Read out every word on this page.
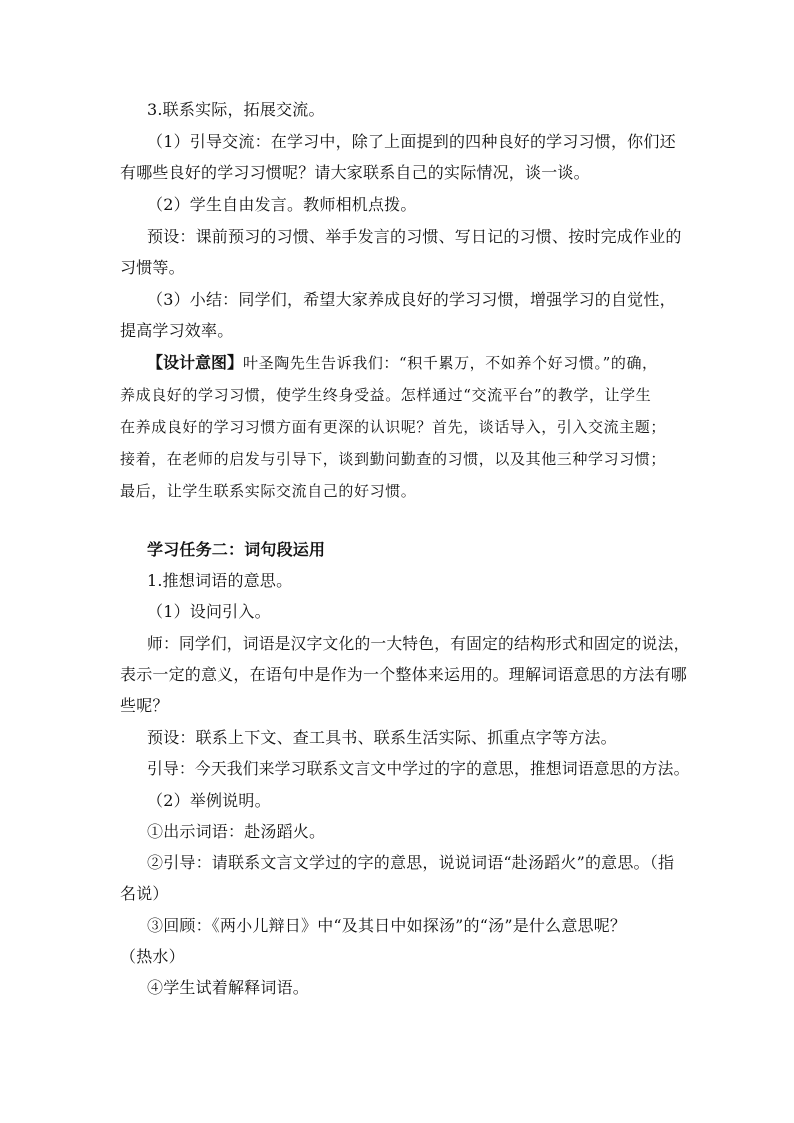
3.联系实际，拓展交流。
（1）引导交流：在学习中，除了上面提到的四种良好的学习习惯，你们还
有哪些良好的学习习惯呢？请大家联系自己的实际情况，谈一谈。
（2）学生自由发言。教师相机点拨。
预设：课前预习的习惯、举手发言的习惯、写日记的习惯、按时完成作业的
习惯等。
（3）小结：同学们，希望大家养成良好的学习习惯，增强学习的自觉性，
提高学习效率。
【设计意图】叶圣陶先生告诉我们：“积千累万，不如养个好习惯。”的确，
养成良好的学习习惯，使学生终身受益。怎样通过“交流平台”的教学，让学生
在养成良好的学习习惯方面有更深的认识呢？首先，谈话导入，引入交流主题；
接着，在老师的启发与引导下，谈到勤问勤查的习惯，以及其他三种学习习惯；
最后，让学生联系实际交流自己的好习惯。
学习任务二：词句段运用
1.推想词语的意思。
（1）设问引入。
师：同学们，词语是汉字文化的一大特色，有固定的结构形式和固定的说法，
表示一定的意义，在语句中是作为一个整体来运用的。理解词语意思的方法有哪
些呢？
预设：联系上下文、查工具书、联系生活实际、抓重点字等方法。
引导：今天我们来学习联系文言文中学过的字的意思，推想词语意思的方法。
（2）举例说明。
①出示词语：赴汤蹈火。
②引导：请联系文言文学过的字的意思，说说词语“赴汤蹈火”的意思。（指
名说）
③回顾：《两小儿辩日》中“及其日中如探汤”的“汤”是什么意思呢？
（热水）
④学生试着解释词语。
